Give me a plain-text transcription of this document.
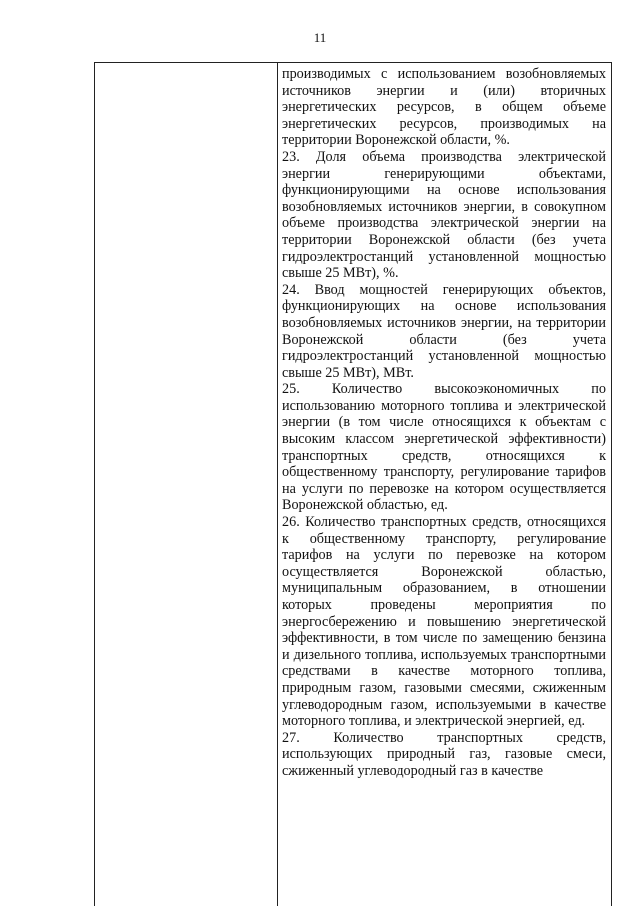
11

производимых с использованием возобновляемых источников энергии и (или) вторичных энергетических ресурсов, в общем объеме энергетических ресурсов, производимых на территории Воронежской области, %.

23. Доля объема производства электрической энергии генерирующими объектами, функционирующими на основе использования возобновляемых источников энергии, в совокупном объеме производства электрической энергии на территории Воронежской области (без учета гидроэлектростанций установленной мощностью свыше 25 МВт), %.

24. Ввод мощностей генерирующих объектов, функционирующих на основе использования возобновляемых источников энергии, на территории Воронежской области (без учета гидроэлектростанций установленной мощностью свыше 25 МВт), МВт.

25. Количество высокоэкономичных по использованию моторного топлива и электрической энергии (в том числе относящихся к объектам с высоким классом энергетической эффективности) транспортных средств, относящихся к общественному транспорту, регулирование тарифов на услуги по перевозке на котором осуществляется Воронежской областью, ед.

26. Количество транспортных средств, относящихся к общественному транспорту, регулирование тарифов на услуги по перевозке на котором осуществляется Воронежской областью, муниципальным образованием, в отношении которых проведены мероприятия по энергосбережению и повышению энергетической эффективности, в том числе по замещению бензина и дизельного топлива, используемых транспортными средствами в качестве моторного топлива, природным газом, газовыми смесями, сжиженным углеводородным газом, используемыми в качестве моторного топлива, и электрической энергией, ед.

27. Количество транспортных средств, использующих природный газ, газовые смеси, сжиженный углеводородный газ в качестве
